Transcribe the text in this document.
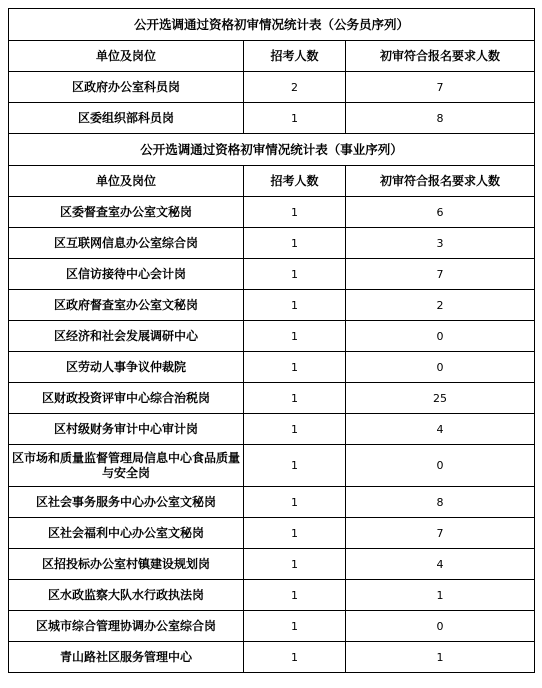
公开选调通过资格初审情况统计表（公务员序列）		
单位及岗位	招考人数	初审符合报名要求人数
区政府办公室科员岗	2	7
区委组织部科员岗	1	8
公开选调通过资格初审情况统计表（事业序列）		
单位及岗位	招考人数	初审符合报名要求人数
区委督查室办公室文秘岗	1	6
区互联网信息办公室综合岗	1	3
区信访接待中心会计岗	1	7
区政府督查室办公室文秘岗	1	2
区经济和社会发展调研中心	1	0
区劳动人事争议仲裁院	1	0
区财政投资评审中心综合治税岗	1	25
区村级财务审计中心审计岗	1	4
区市场和质量监督管理局信息中心食品质量与安全岗	1	0
区社会事务服务中心办公室文秘岗	1	8
区社会福利中心办公室文秘岗	1	7
区招投标办公室村镇建设规划岗	1	4
区水政监察大队水行政执法岗	1	1
区城市综合管理协调办公室综合岗	1	0
青山路社区服务管理中心	1	1
